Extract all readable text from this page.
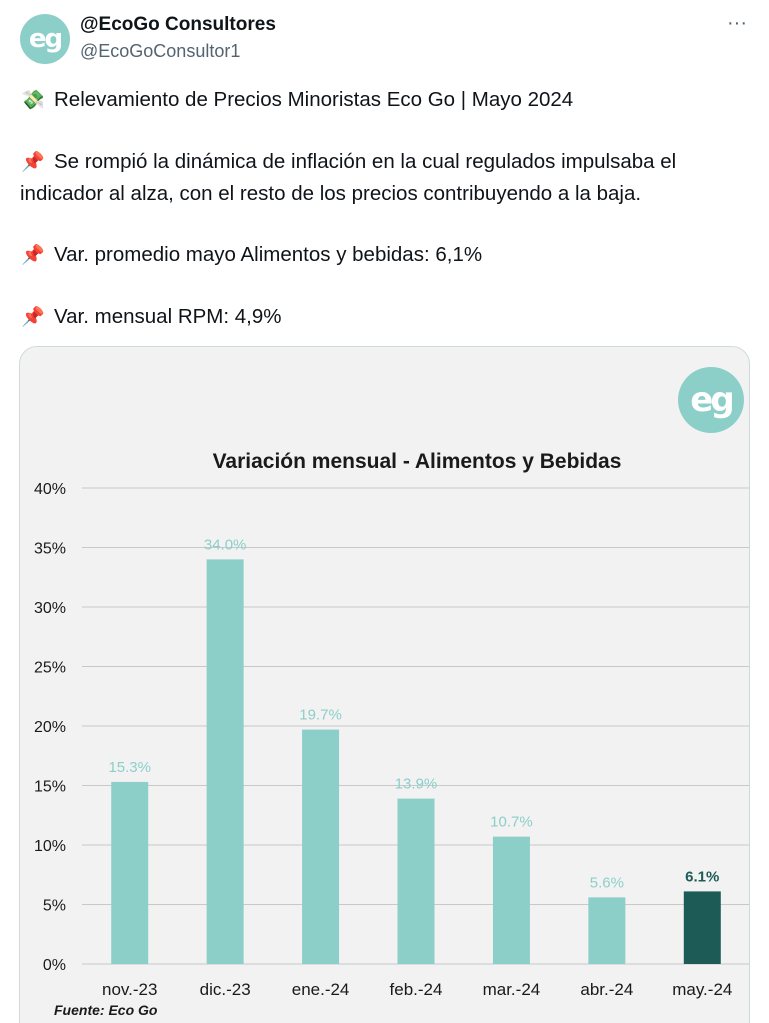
eg @EcoGo Consultores
@EcoGoConsultor1
···

💸 Relevamiento de Precios Minoristas Eco Go | Mayo 2024

📌 Se rompió la dinámica de inflación en la cual regulados impulsaba el indicador al alza, con el resto de los precios contribuyendo a la baja.

📌 Var. promedio mayo Alimentos y bebidas: 6,1%

📌 Var. mensual RPM: 4,9%

eg
Variación mensual - Alimentos y Bebidas
0%
5%
10%
15%
20%
25%
30%
35%
40%
15.3%
34.0%
19.7%
13.9%
10.7%
5.6%	6.1%
nov.-23 dic.-23 ene.-24 feb.-24 mar.-24 abr.-24 may.-24
Fuente: Eco Go
